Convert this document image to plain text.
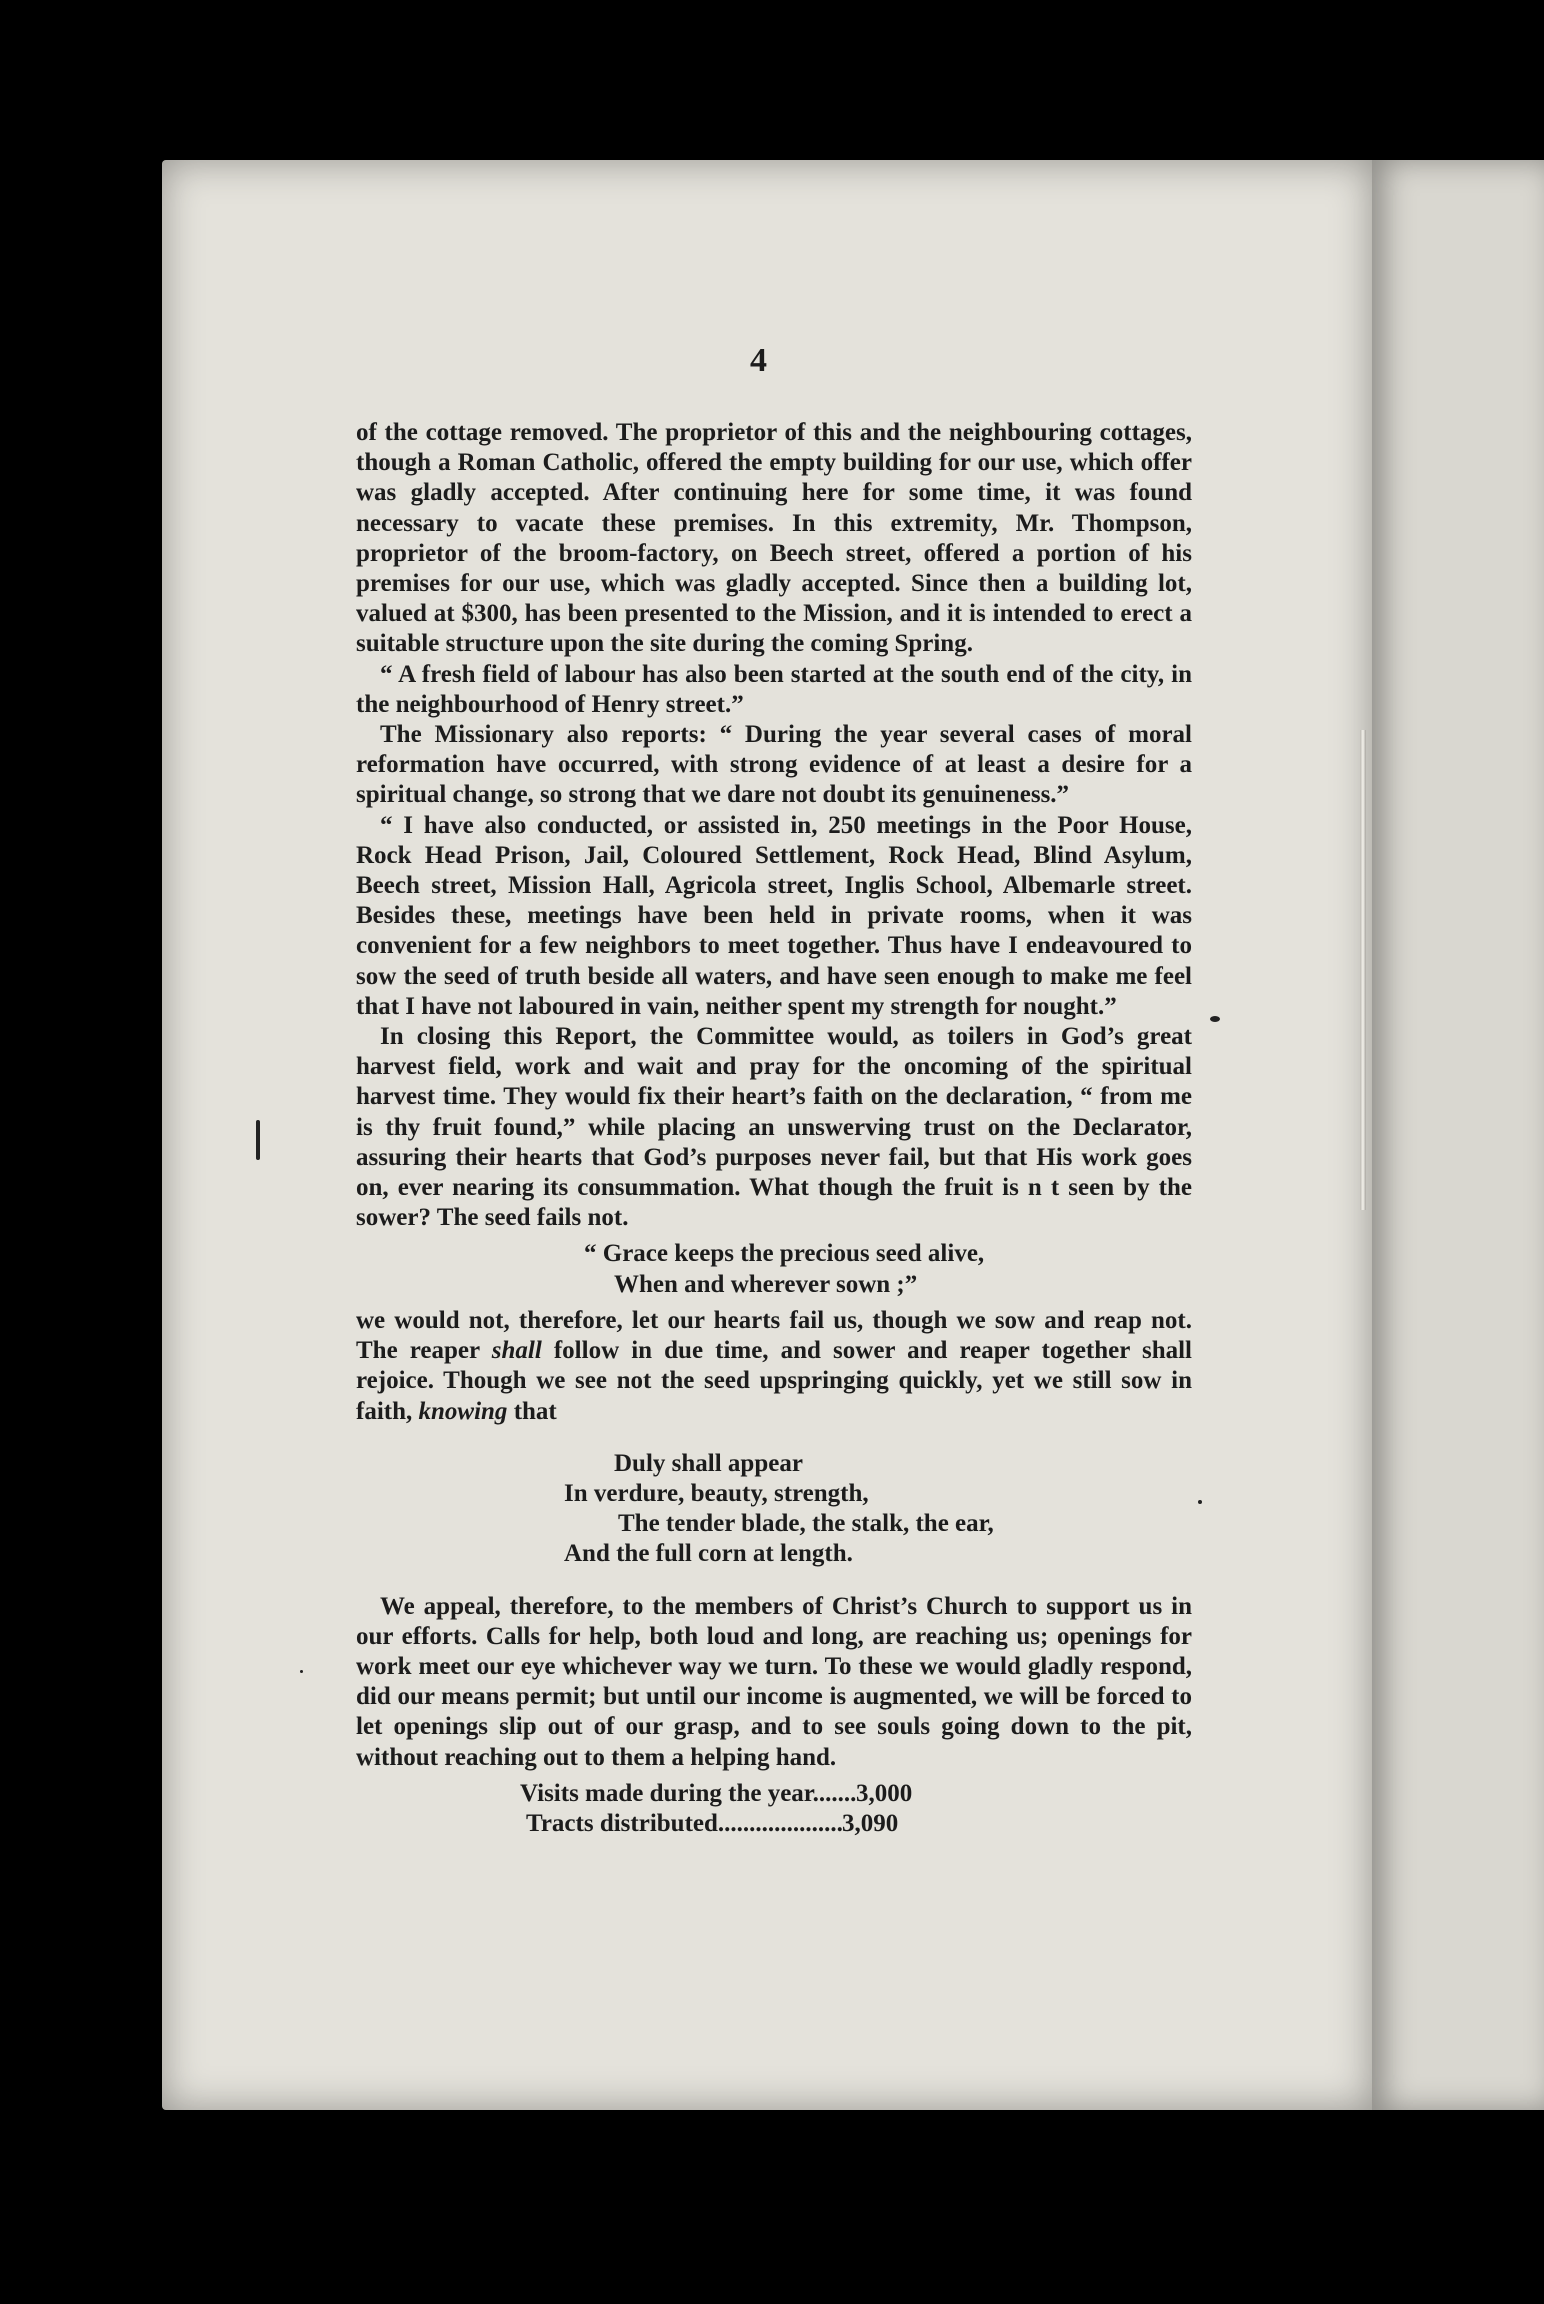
4

of the cottage removed. The proprietor of this and the neighbouring cottages, though a Roman Catholic, offered the empty building for our use, which offer was gladly accepted. After continuing here for some time, it was found necessary to vacate these premises. In this extremity, Mr. Thompson, proprietor of the broom-factory, on Beech street, offered a portion of his premises for our use, which was gladly accepted. Since then a building lot, valued at $300, has been presented to the Mission, and it is intended to erect a suitable structure upon the site during the coming Spring.

“ A fresh field of labour has also been started at the south end of the city, in the neighbourhood of Henry street.”

The Missionary also reports: “ During the year several cases of moral reformation have occurred, with strong evidence of at least a desire for a spiritual change, so strong that we dare not doubt its genuineness.”

“ I have also conducted, or assisted in, 250 meetings in the Poor House, Rock Head Prison, Jail, Coloured Settlement, Rock Head, Blind Asylum, Beech street, Mission Hall, Agricola street, Inglis School, Albemarle street. Besides these, meetings have been held in private rooms, when it was convenient for a few neighbors to meet together. Thus have I endeavoured to sow the seed of truth beside all waters, and have seen enough to make me feel that I have not laboured in vain, neither spent my strength for nought.”

In closing this Report, the Committee would, as toilers in God’s great harvest field, work and wait and pray for the oncoming of the spiritual harvest time. They would fix their heart’s faith on the declaration, “ from me is thy fruit found,” while placing an unswerving trust on the Declarator, assuring their hearts that God’s purposes never fail, but that His work goes on, ever nearing its consummation. What though the fruit is n t seen by the sower? The seed fails not.

“ Grace keeps the precious seed alive,
When and wherever sown ;”

we would not, therefore, let our hearts fail us, though we sow and reap not. The reaper shall follow in due time, and sower and reaper together shall rejoice. Though we see not the seed upspringing quickly, yet we still sow in faith, knowing that

Duly shall appear
In verdure, beauty, strength,
The tender blade, the stalk, the ear,
And the full corn at length.

We appeal, therefore, to the members of Christ’s Church to support us in our efforts. Calls for help, both loud and long, are reaching us; openings for work meet our eye whichever way we turn. To these we would gladly respond, did our means permit; but until our income is augmented, we will be forced to let openings slip out of our grasp, and to see souls going down to the pit, without reaching out to them a helping hand.

Visits made during the year ..... 3,000
Tracts distributed .....	3,090
